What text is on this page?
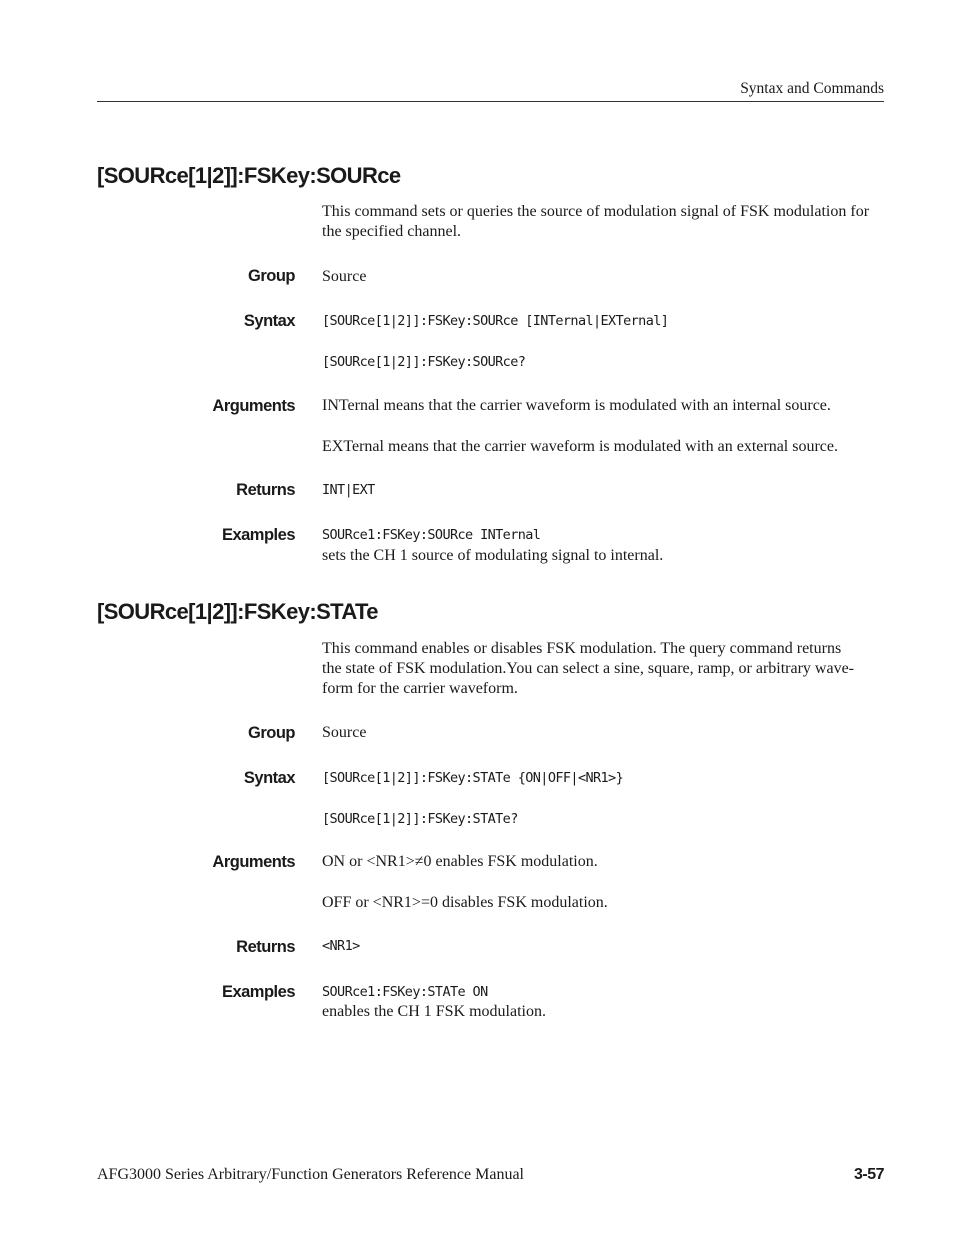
Syntax and Commands
[SOURce[1|2]]:FSKey:SOURce
This command sets or queries the source of modulation signal of FSK modulation for the specified channel.
Group Source
Syntax [SOURce[1|2]]:FSKey:SOURce [INTernal|EXTernal]
[SOURce[1|2]]:FSKey:SOURce?
Arguments INTernal means that the carrier waveform is modulated with an internal source.
EXTernal means that the carrier waveform is modulated with an external source.
Returns INT|EXT
Examples SOURce1:FSKey:SOURce INTernal
sets the CH 1 source of modulating signal to internal.
[SOURce[1|2]]:FSKey:STATe
This command enables or disables FSK modulation. The query command returns
the state of FSK modulation.You can select a sine, square, ramp, or arbitrary wave-
form for the carrier waveform.
Group Source
Syntax [SOURce[1|2]]:FSKey:STATe {ON|OFF|<NR1>}
[SOURce[1|2]]:FSKey:STATe?
Arguments ON or <NR1>≠0 enables FSK modulation.
OFF or <NR1>=0 disables FSK modulation.
Returns <NR1>
Examples SOURce1:FSKey:STATe ON
enables the CH 1 FSK modulation.
AFG3000 Series Arbitrary/Function Generators Reference Manual	3-57
